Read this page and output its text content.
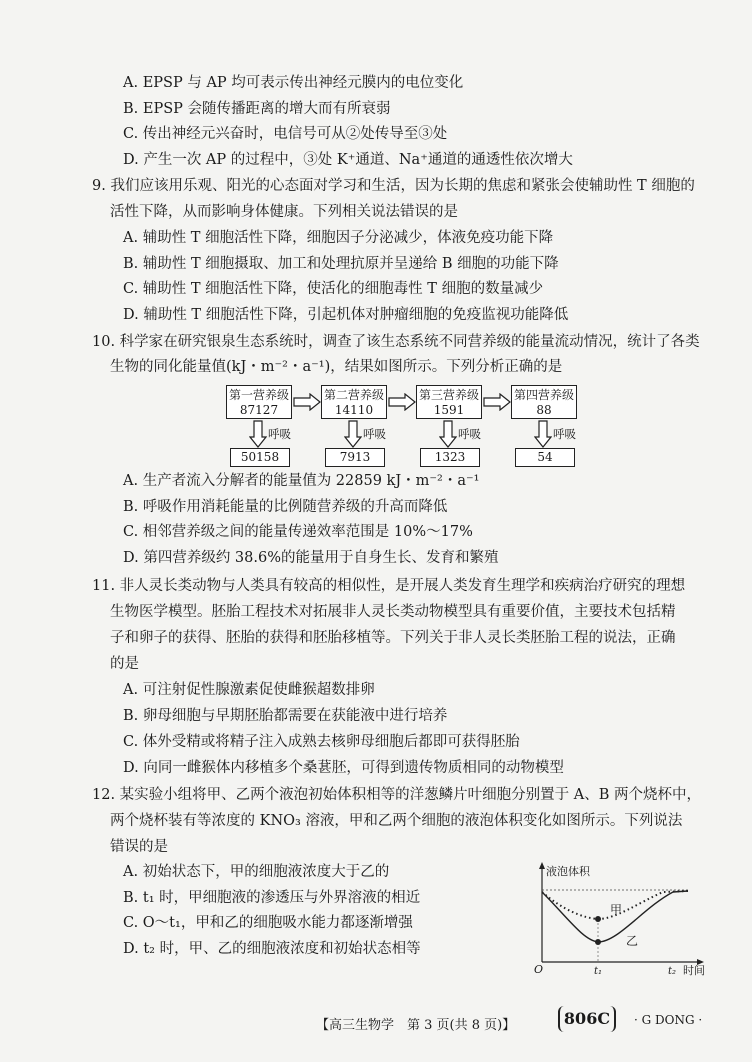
A. EPSP 与 AP 均可表示传出神经元膜内的电位变化
B. EPSP 会随传播距离的增大而有所衰弱
C. 传出神经元兴奋时，电信号可从②处传导至③处
D. 产生一次 AP 的过程中，③处 K⁺通道、Na⁺通道的通透性依次增大
9. 我们应该用乐观、阳光的心态面对学习和生活，因为长期的焦虑和紧张会使辅助性 T 细胞的
活性下降，从而影响身体健康。下列相关说法错误的是
A. 辅助性 T 细胞活性下降，细胞因子分泌减少，体液免疫功能下降
B. 辅助性 T 细胞摄取、加工和处理抗原并呈递给 B 细胞的功能下降
C. 辅助性 T 细胞活性下降，使活化的细胞毒性 T 细胞的数量减少
D. 辅助性 T 细胞活性下降，引起机体对肿瘤细胞的免疫监视功能降低
10. 科学家在研究银泉生态系统时，调查了该生态系统不同营养级的能量流动情况，统计了各类
生物的同化能量值(kJ・m⁻²・a⁻¹)，结果如图所示。下列分析正确的是
第一营养级
87127
第二营养级
14110
第三营养级
1591
第四营养级
88
呼吸	呼吸	呼吸	呼吸
50158	7913	1323	54
A. 生产者流入分解者的能量值为 22859 kJ・m⁻²・a⁻¹
B. 呼吸作用消耗能量的比例随营养级的升高而降低
C. 相邻营养级之间的能量传递效率范围是 10%～17%
D. 第四营养级约 38.6%的能量用于自身生长、发育和繁殖
11. 非人灵长类动物与人类具有较高的相似性，是开展人类发育生理学和疾病治疗研究的理想
生物医学模型。胚胎工程技术对拓展非人灵长类动物模型具有重要价值，主要技术包括精
子和卵子的获得、胚胎的获得和胚胎移植等。下列关于非人灵长类胚胎工程的说法，正确
的是
A. 可注射促性腺激素促使雌猴超数排卵
B. 卵母细胞与早期胚胎都需要在获能液中进行培养
C. 体外受精或将精子注入成熟去核卵母细胞后都即可获得胚胎
D. 向同一雌猴体内移植多个桑葚胚，可得到遗传物质相同的动物模型
12. 某实验小组将甲、乙两个液泡初始体积相等的洋葱鳞片叶细胞分别置于 A、B 两个烧杯中，
两个烧杯装有等浓度的 KNO₃ 溶液，甲和乙两个细胞的液泡体积变化如图所示。下列说法
错误的是
A. 初始状态下，甲的细胞液浓度大于乙的
B. t₁ 时，甲细胞液的渗透压与外界溶液的相近
C. O～t₁，甲和乙的细胞吸水能力都逐渐增强
D. t₂ 时，甲、乙的细胞液浓度和初始状态相等
液泡体积
甲
乙
O	t₁	t₂ 时间
【高三生物学　第 3 页(共 8 页)】	806C	· G DONG ·
